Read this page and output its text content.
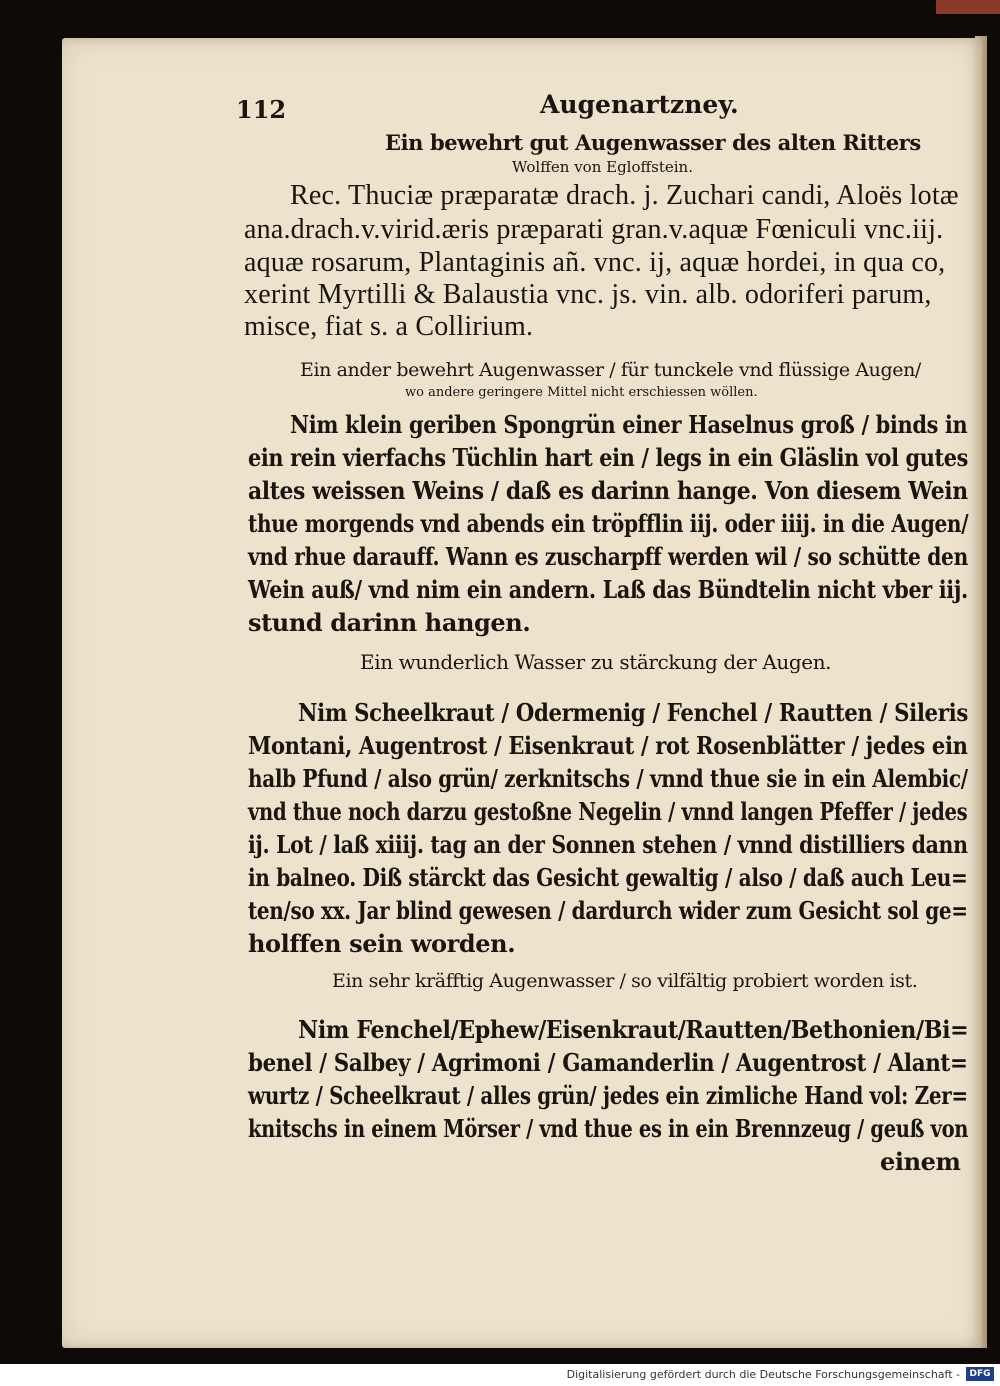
112	Augenartzney.
Ein bewehrt gut Augenwasser des alten Ritters
Wolffen von Egloffstein.
Rec. Thuciæ præparatæ drach. j. Zuchari candi, Aloës lotæ
ana.drach.v.virid.æris præparati gran.v.aquæ Fœniculi vnc.iij.
aquæ rosarum, Plantaginis añ. vnc. ij, aquæ hordei, in qua co,
xerint Myrtilli & Balaustia vnc. js. vin. alb. odoriferi parum,
misce, fiat s. a Collirium.
Ein ander bewehrt Augenwasser / für tunckele vnd flüssige Augen/
wo andere geringere Mittel nicht erschiessen wöllen.
Nim klein geriben Spongrün einer Haselnus groß / binds in
ein rein vierfachs Tüchlin hart ein / legs in ein Gläslin vol gutes
altes weissen Weins / daß es darinn hange. Von diesem Wein
thue morgends vnd abends ein tröpfflin iij. oder iiij. in die Augen/
vnd rhue darauff. Wann es zuscharpff werden wil / so schütte den
Wein auß/ vnd nim ein andern. Laß das Bündtelin nicht vber iij.
stund darinn hangen.
Ein wunderlich Wasser zu stärckung der Augen.
Nim Scheelkraut / Odermenig / Fenchel / Rautten / Sileris
Montani, Augentrost / Eisenkraut / rot Rosenblätter / jedes ein
halb Pfund / also grün/ zerknitschs / vnnd thue sie in ein Alembic/
vnd thue noch darzu gestoßne Negelin / vnnd langen Pfeffer / jedes
ij. Lot / laß xiiij. tag an der Sonnen stehen / vnnd distilliers dann
in balneo. Diß stärckt das Gesicht gewaltig / also / daß auch Leu=
ten/so xx. Jar blind gewesen / dardurch wider zum Gesicht sol ge=
holffen sein worden.
Ein sehr kräfftig Augenwasser / so vilfältig probiert worden ist.
Nim Fenchel/Ephew/Eisenkraut/Rautten/Bethonien/Bi=
benel / Salbey / Agrimoni / Gamanderlin / Augentrost / Alant=
wurtz / Scheelkraut / alles grün/ jedes ein zimliche Hand vol: Zer=
knitschs in einem Mörser / vnd thue es in ein Brennzeug / geuß von
einem
Digitalisierung gefördert durch die Deutsche Forschungsgemeinschaft -	DFG
